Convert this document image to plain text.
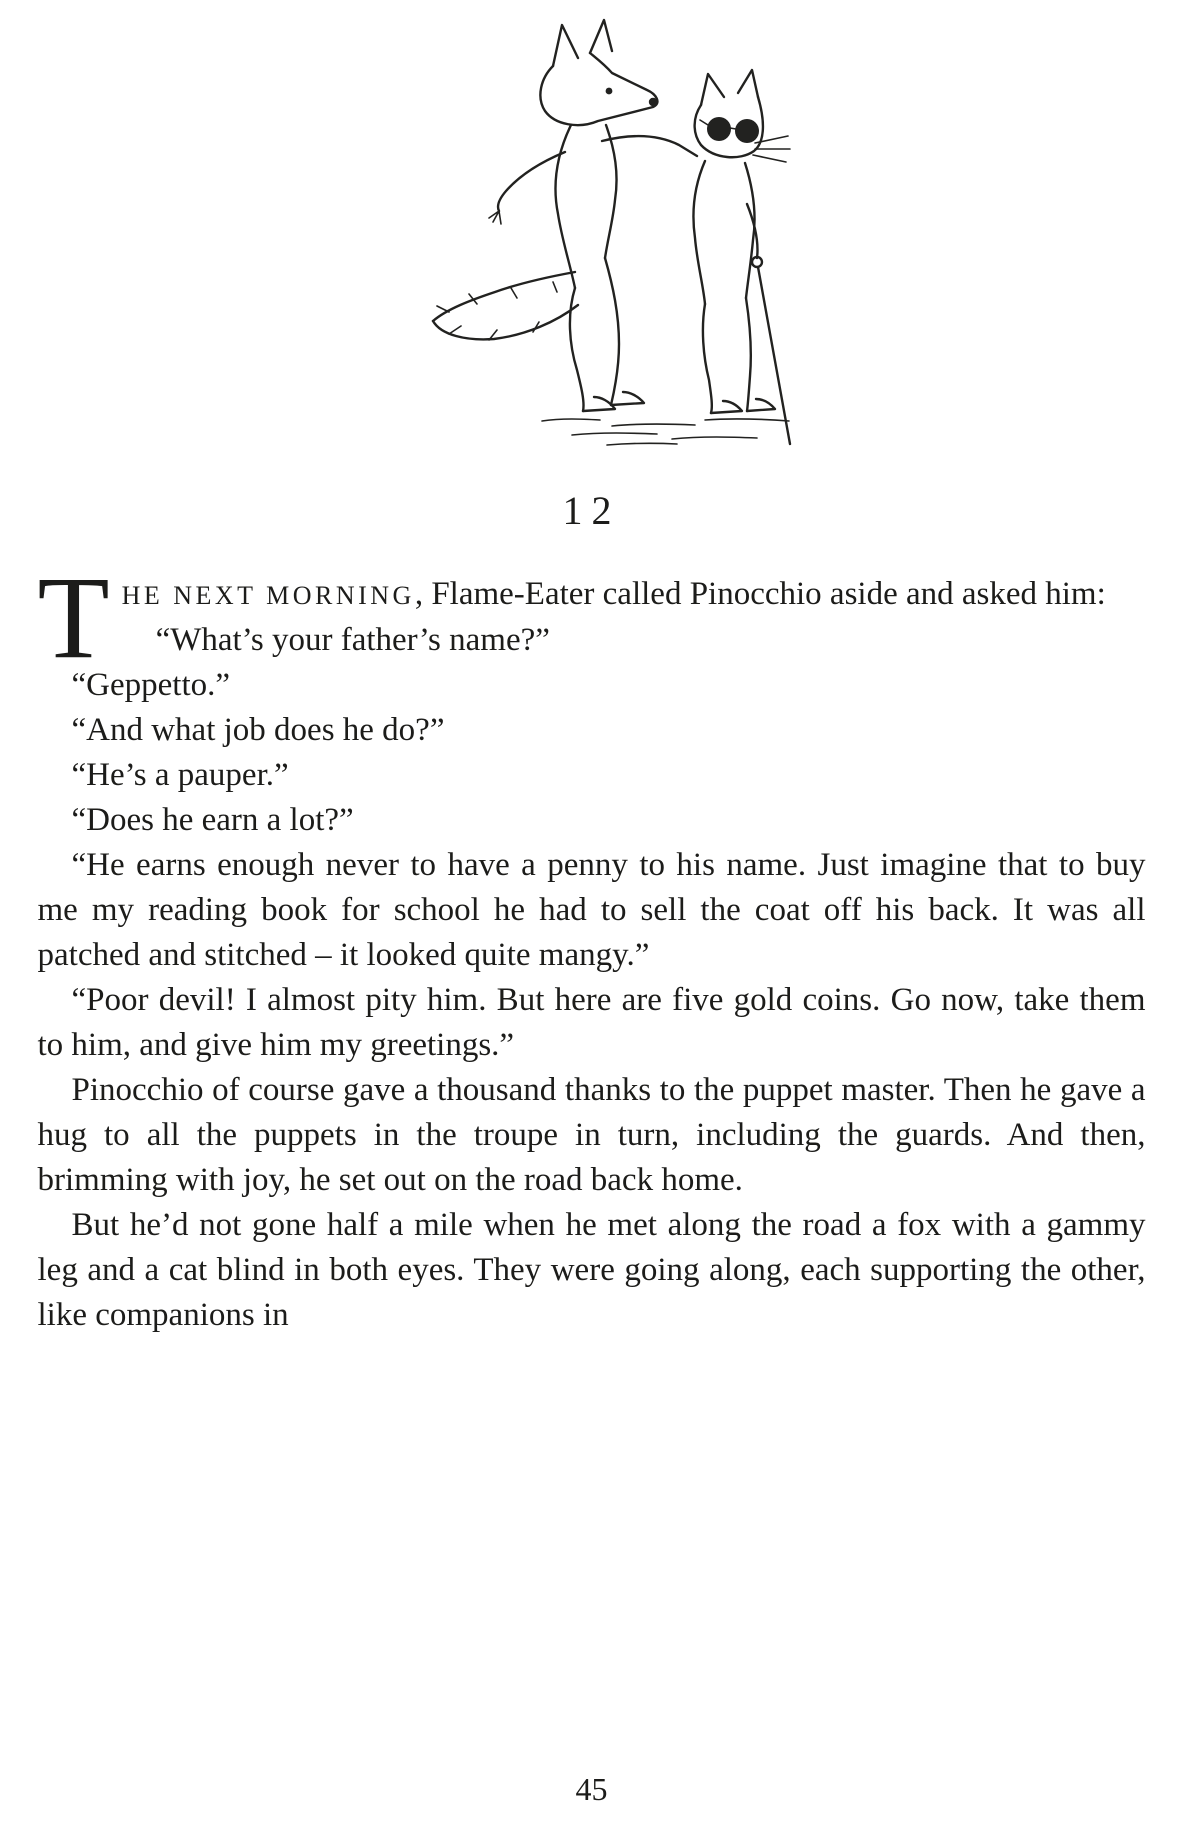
12

THE NEXT MORNING, Flame-Eater called Pinocchio aside and asked him:

“What’s your father’s name?”

“Geppetto.”

“And what job does he do?”

“He’s a pauper.”

“Does he earn a lot?”

“He earns enough never to have a penny to his name. Just imagine that to buy me my reading book for school he had to sell the coat off his back. It was all patched and stitched – it looked quite mangy.”

“Poor devil! I almost pity him. But here are five gold coins. Go now, take them to him, and give him my greetings.”

Pinocchio of course gave a thousand thanks to the puppet master. Then he gave a hug to all the puppets in the troupe in turn, including the guards. And then, brimming with joy, he set out on the road back home.

But he’d not gone half a mile when he met along the road a fox with a gammy leg and a cat blind in both eyes. They were going along, each supporting the other, like companions in

45
